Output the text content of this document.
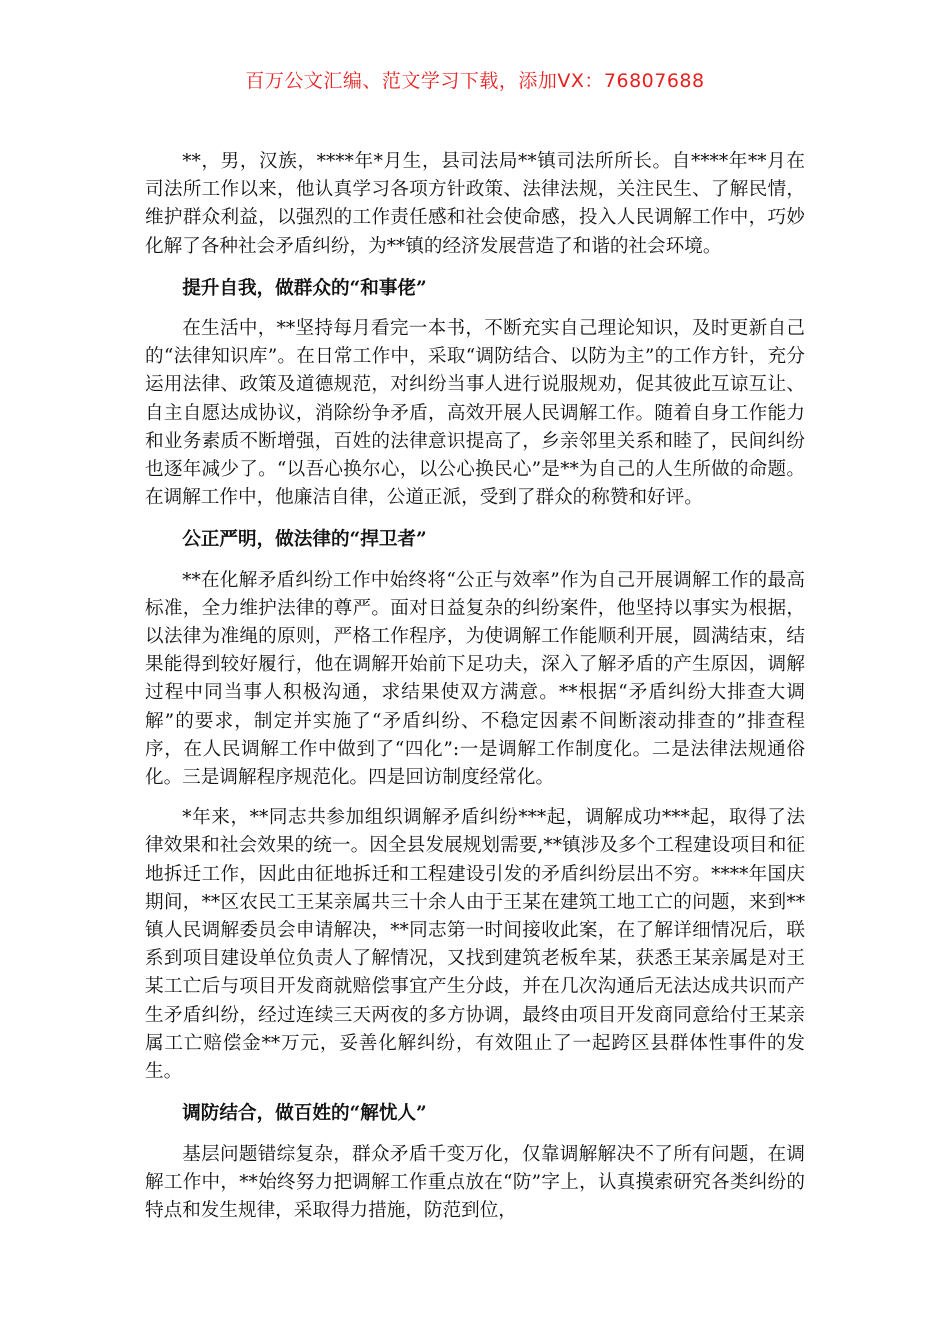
百万公文汇编、范文学习下载，添加VX：76807688

**，男，汉族，****年*月生，县司法局**镇司法所所长。自****年**月在司法所工作以来，他认真学习各项方针政策、法律法规，关注民生、了解民情，维护群众利益，以强烈的工作责任感和社会使命感，投入人民调解工作中，巧妙化解了各种社会矛盾纠纷，为**镇的经济发展营造了和谐的社会环境。

提升自我，做群众的“和事佬”

在生活中，**坚持每月看完一本书，不断充实自己理论知识，及时更新自己的“法律知识库”。在日常工作中，采取“调防结合、以防为主”的工作方针，充分运用法律、政策及道德规范，对纠纷当事人进行说服规劝，促其彼此互谅互让、自主自愿达成协议，消除纷争矛盾，高效开展人民调解工作。随着自身工作能力和业务素质不断增强，百姓的法律意识提高了，乡亲邻里关系和睦了，民间纠纷也逐年减少了。“以吾心换尔心，以公心换民心”是**为自己的人生所做的命题。在调解工作中，他廉洁自律，公道正派，受到了群众的称赞和好评。

公正严明，做法律的“捍卫者”

**在化解矛盾纠纷工作中始终将“公正与效率”作为自己开展调解工作的最高标准，全力维护法律的尊严。面对日益复杂的纠纷案件，他坚持以事实为根据，以法律为准绳的原则，严格工作程序，为使调解工作能顺利开展，圆满结束，结果能得到较好履行，他在调解开始前下足功夫，深入了解矛盾的产生原因，调解过程中同当事人积极沟通，求结果使双方满意。**根据“矛盾纠纷大排查大调解”的要求，制定并实施了“矛盾纠纷、不稳定因素不间断滚动排查的”排查程序，在人民调解工作中做到了“四化”:一是调解工作制度化。二是法律法规通俗化。三是调解程序规范化。四是回访制度经常化。

*年来，**同志共参加组织调解矛盾纠纷***起，调解成功***起，取得了法律效果和社会效果的统一。因全县发展规划需要,**镇涉及多个工程建设项目和征地拆迁工作，因此由征地拆迁和工程建设引发的矛盾纠纷层出不穷。****年国庆期间，**区农民工王某亲属共三十余人由于王某在建筑工地工亡的问题，来到**镇人民调解委员会申请解决，**同志第一时间接收此案，在了解详细情况后，联系到项目建设单位负责人了解情况，又找到建筑老板牟某，获悉王某亲属是对王某工亡后与项目开发商就赔偿事宜产生分歧，并在几次沟通后无法达成共识而产生矛盾纠纷，经过连续三天两夜的多方协调，最终由项目开发商同意给付王某亲属工亡赔偿金**万元，妥善化解纠纷，有效阻止了一起跨区县群体性事件的发生。

调防结合，做百姓的“解忧人”

基层问题错综复杂，群众矛盾千变万化，仅靠调解解决不了所有问题，在调解工作中，**始终努力把调解工作重点放在“防”字上，认真摸索研究各类纠纷的特点和发生规律，采取得力措施，防范到位，
